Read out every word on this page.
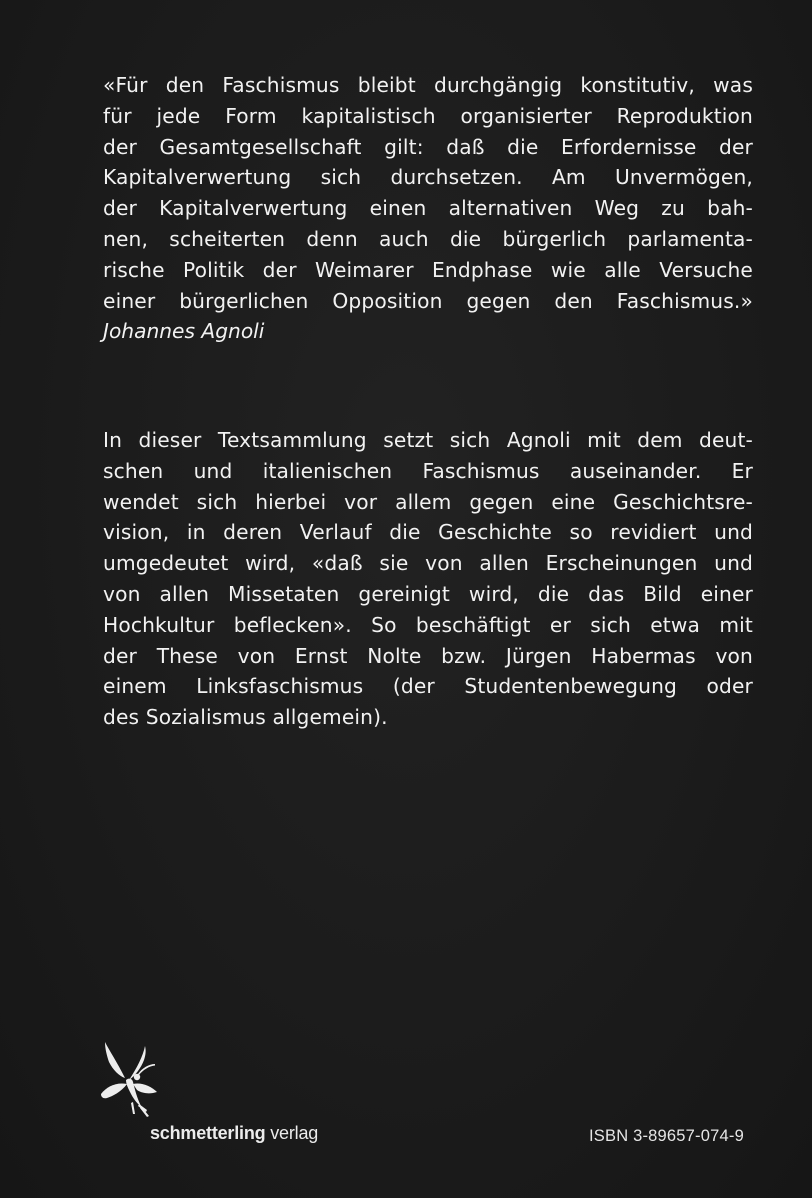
«Für den Faschismus bleibt durchgängig konstitutiv, was
für jede Form kapitalistisch organisierter Reproduktion
der Gesamtgesellschaft gilt: daß die Erfordernisse der
Kapitalverwertung sich durchsetzen. Am Unvermögen,
der Kapitalverwertung einen alternativen Weg zu bah-
nen, scheiterten denn auch die bürgerlich parlamenta-
rische Politik der Weimarer Endphase wie alle Versuche
einer bürgerlichen Opposition gegen den Faschismus.»
Johannes Agnoli
In dieser Textsammlung setzt sich Agnoli mit dem deut-
schen und italienischen Faschismus auseinander. Er
wendet sich hierbei vor allem gegen eine Geschichtsre-
vision, in deren Verlauf die Geschichte so revidiert und
umgedeutet wird, «daß sie von allen Erscheinungen und
von allen Missetaten gereinigt wird, die das Bild einer
Hochkultur beflecken». So beschäftigt er sich etwa mit
der These von Ernst Nolte bzw. Jürgen Habermas von
einem Linksfaschismus (der Studentenbewegung oder
des Sozialismus allgemein).
schmetterling verlag	ISBN 3-89657-074-9
